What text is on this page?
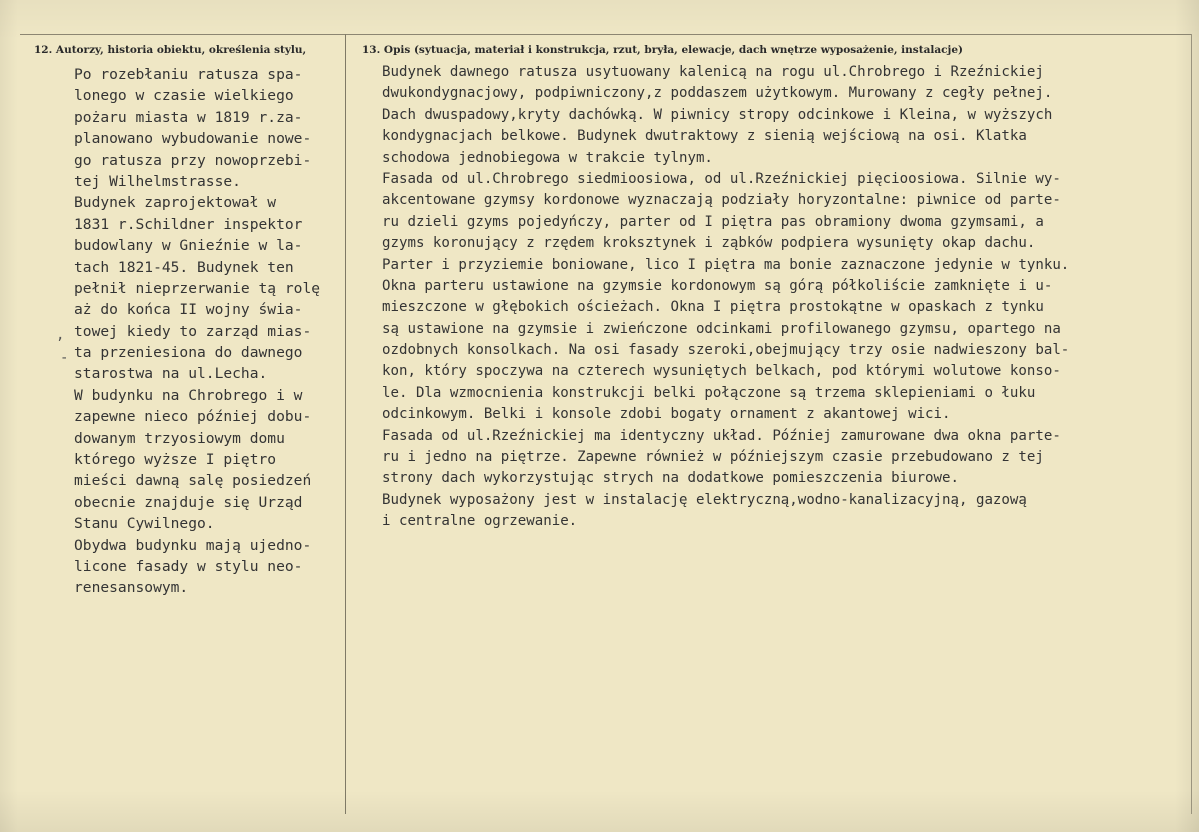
12. Autorzy, historia obiektu, określenia stylu,	13. Opis (sytuacja, materiał i konstrukcja, rzut, bryła, elewacje, dach wnętrze wyposażenie, instalacje)
,
-
Po rozebłaniu ratusza spa-
lonego w czasie wielkiego
pożaru miasta w 1819 r.za-
planowano wybudowanie nowe-
go ratusza przy nowoprzebi-
tej Wilhelmstrasse.
Budynek zaprojektował w
1831 r.Schildner inspektor
budowlany w Gnieźnie w la-
tach 1821-45. Budynek ten
pełnił nieprzerwanie tą rolę
aż do końca II wojny świa-
towej kiedy to zarząd mias-
ta przeniesiona do dawnego
starostwa na ul.Lecha.
W budynku na Chrobrego i w
zapewne nieco później dobu-
dowanym trzyosiowym domu
którego wyższe I piętro
mieści dawną salę posiedzeń
obecnie znajduje się Urząd
Stanu Cywilnego.
Obydwa budynku mają ujedno-
licone fasady w stylu neo-
renesansowym.
Budynek dawnego ratusza usytuowany kalenicą na rogu ul.Chrobrego i Rzeźnickiej
dwukondygnacjowy, podpiwniczony,z poddaszem użytkowym. Murowany z cegły pełnej.
Dach dwuspadowy,kryty dachówką. W piwnicy stropy odcinkowe i Kleina, w wyższych
kondygnacjach belkowe. Budynek dwutraktowy z sienią wejściową na osi. Klatka
schodowa jednobiegowa w trakcie tylnym.
Fasada od ul.Chrobrego siedmioosiowa, od ul.Rzeźnickiej pięcioosiowa. Silnie wy-
akcentowane gzymsy kordonowe wyznaczają podziały horyzontalne: piwnice od parte-
ru dzieli gzyms pojedyńczy, parter od I piętra pas obramiony dwoma gzymsami, a
gzyms koronujący z rzędem kroksztynek i ząbków podpiera wysunięty okap dachu.
Parter i przyziemie boniowane, lico I piętra ma bonie zaznaczone jedynie w tynku.
Okna parteru ustawione na gzymsie kordonowym są górą półkoliście zamknięte i u-
mieszczone w głębokich ościeżach. Okna I piętra prostokątne w opaskach z tynku
są ustawione na gzymsie i zwieńczone odcinkami profilowanego gzymsu, opartego na
ozdobnych konsolkach. Na osi fasady szeroki,obejmujący trzy osie nadwieszony bal-
kon, który spoczywa na czterech wysuniętych belkach, pod którymi wolutowe konso-
le. Dla wzmocnienia konstrukcji belki połączone są trzema sklepieniami o łuku
odcinkowym. Belki i konsole zdobi bogaty ornament z akantowej wici.
Fasada od ul.Rzeźnickiej ma identyczny układ. Później zamurowane dwa okna parte-
ru i jedno na piętrze. Zapewne również w późniejszym czasie przebudowano z tej
strony dach wykorzystując strych na dodatkowe pomieszczenia biurowe.
Budynek wyposażony jest w instalację elektryczną,wodno-kanalizacyjną, gazową
i centralne ogrzewanie.
